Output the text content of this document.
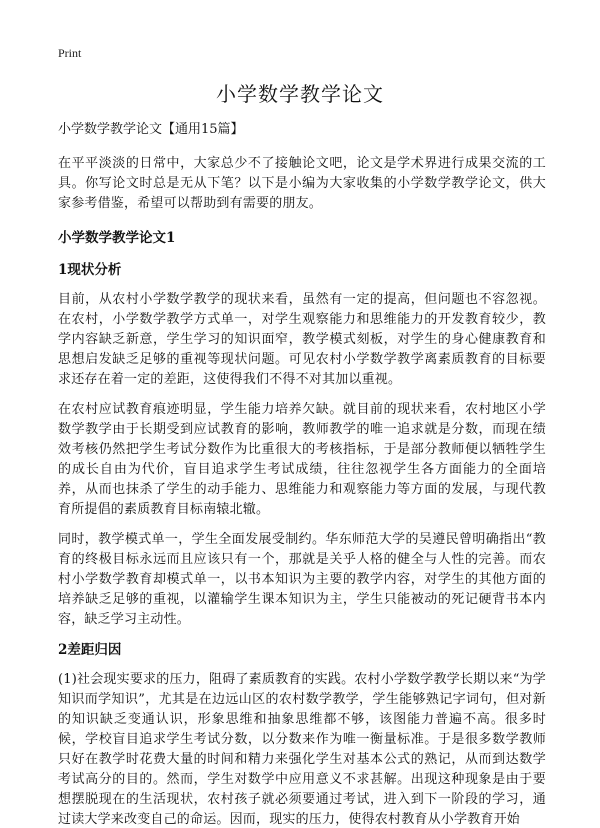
Print
小学数学教学论文

小学数学教学论文【通用15篇】

在平平淡淡的日常中，大家总少不了接触论文吧，论文是学术界进行成果交流的工具。你写论文时总是无从下笔？以下是小编为大家收集的小学数学教学论文，供大家参考借鉴，希望可以帮助到有需要的朋友。

小学数学教学论文1
1现状分析

目前，从农村小学数学教学的现状来看，虽然有一定的提高，但问题也不容忽视。在农村，小学数学教学方式单一，对学生观察能力和思维能力的开发教育较少，教学内容缺乏新意，学生学习的知识面窄，教学模式刻板，对学生的身心健康教育和思想启发缺乏足够的重视等现状问题。可见农村小学数学教学离素质教育的目标要求还存在着一定的差距，这使得我们不得不对其加以重视。

在农村应试教育痕迹明显，学生能力培养欠缺。就目前的现状来看，农村地区小学数学教学由于长期受到应试教育的影响，教师教学的唯一追求就是分数，而现在绩效考核仍然把学生考试分数作为比重很大的考核指标，于是部分教师便以牺牲学生的成长自由为代价，盲目追求学生考试成绩，往往忽视学生各方面能力的全面培养，从而也抹杀了学生的动手能力、思维能力和观察能力等方面的发展，与现代教育所提倡的素质教育目标南辕北辙。

同时，教学模式单一，学生全面发展受制约。华东师范大学的吴遵民曾明确指出“教育的终极目标永远而且应该只有一个，那就是关乎人格的健全与人性的完善。而农村小学数学教育却模式单一，以书本知识为主要的教学内容，对学生的其他方面的 培养缺乏足够的重视，以灌输学生课本知识为主，学生只能被动的死记硬背书本内容，缺乏学习主动性。

2差距归因

(1)社会现实要求的压力，阻碍了素质教育的实践。农村小学数学教学长期以来“为学知识而学知识”，尤其是在边远山区的农村数学教学，学生能够熟记字词句，但对新的知识缺乏变通认识，形象思维和抽象思维都不够，该图能力普遍不高。很多时候，学校盲目追求学生考试分数，以分数来作为唯一衡量标准。于是很多数学教师只好在教学时花费大量的时间和精力来强化学生对基本公式的熟记，从而到达数学考试高分的目的。然而，学生对数学中应用意义不求甚解。出现这种现象是由于要想摆脱现在的生活现状，农村孩子就必须要通过考试，进入到下一阶段的学习，通过读大学来改变自己的命运。因而，现实的压力，使得农村教育从小学教育开始
